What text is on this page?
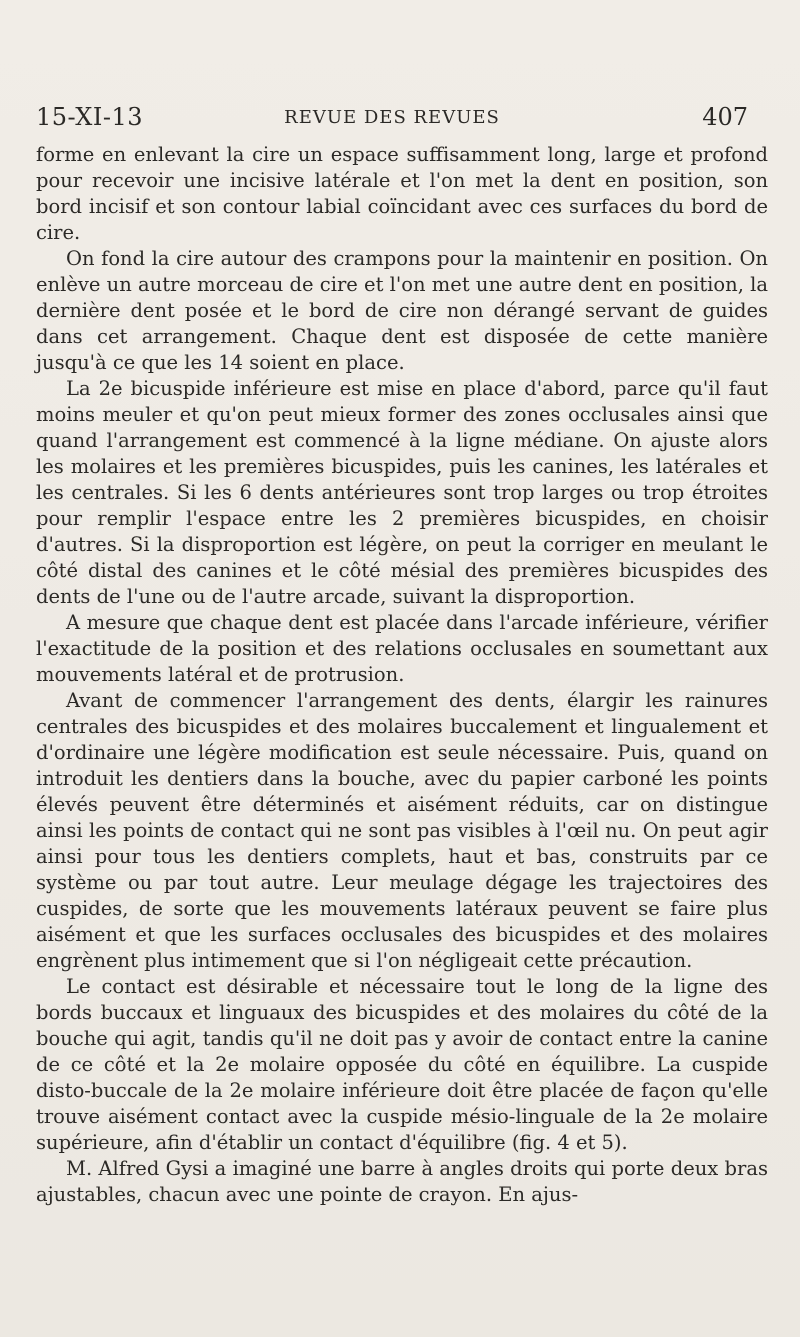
15-XI-13	REVUE DES REVUES	407

forme en enlevant la cire un espace suffisamment long, large et profond pour recevoir une incisive latérale et l'on met la dent en position, son bord incisif et son contour labial coïncidant avec ces surfaces du bord de cire.

On fond la cire autour des crampons pour la maintenir en position. On enlève un autre morceau de cire et l'on met une autre dent en position, la dernière dent posée et le bord de cire non dérangé servant de guides dans cet arrangement. Chaque dent est disposée de cette manière jusqu'à ce que les 14 soient en place.

La 2e bicuspide inférieure est mise en place d'abord, parce qu'il faut moins meuler et qu'on peut mieux former des zones occlusales ainsi que quand l'arrangement est commencé à la ligne médiane. On ajuste alors les molaires et les premières bicuspides, puis les canines, les latérales et les centrales. Si les 6 dents antérieures sont trop larges ou trop étroites pour remplir l'espace entre les 2 premières bicuspides, en choisir d'autres. Si la disproportion est légère, on peut la corriger en meulant le côté distal des canines et le côté mésial des premières bicuspides des dents de l'une ou de l'autre arcade, suivant la disproportion.

A mesure que chaque dent est placée dans l'arcade inférieure, vérifier l'exactitude de la position et des relations occlusales en soumettant aux mouvements latéral et de protrusion.

Avant de commencer l'arrangement des dents, élargir les rainures centrales des bicuspides et des molaires buccalement et lingualement et d'ordinaire une légère modification est seule nécessaire. Puis, quand on introduit les dentiers dans la bouche, avec du papier carboné les points élevés peuvent être déterminés et aisément réduits, car on distingue ainsi les points de contact qui ne sont pas visibles à l'œil nu. On peut agir ainsi pour tous les dentiers complets, haut et bas, construits par ce système ou par tout autre. Leur meulage dégage les trajectoires des cuspides, de sorte que les mouvements latéraux peuvent se faire plus aisément et que les surfaces occlusales des bicuspides et des molaires engrènent plus intimement que si l'on négligeait cette précaution.

Le contact est désirable et nécessaire tout le long de la ligne des bords buccaux et linguaux des bicuspides et des molaires du côté de la bouche qui agit, tandis qu'il ne doit pas y avoir de contact entre la canine de ce côté et la 2e molaire opposée du côté en équilibre. La cuspide disto-buccale de la 2e molaire inférieure doit être placée de façon qu'elle trouve aisément contact avec la cuspide mésio-linguale de la 2e molaire supérieure, afin d'établir un contact d'équilibre (fig. 4 et 5).

M. Alfred Gysi a imaginé une barre à angles droits qui porte deux bras ajustables, chacun avec une pointe de crayon. En ajus-
